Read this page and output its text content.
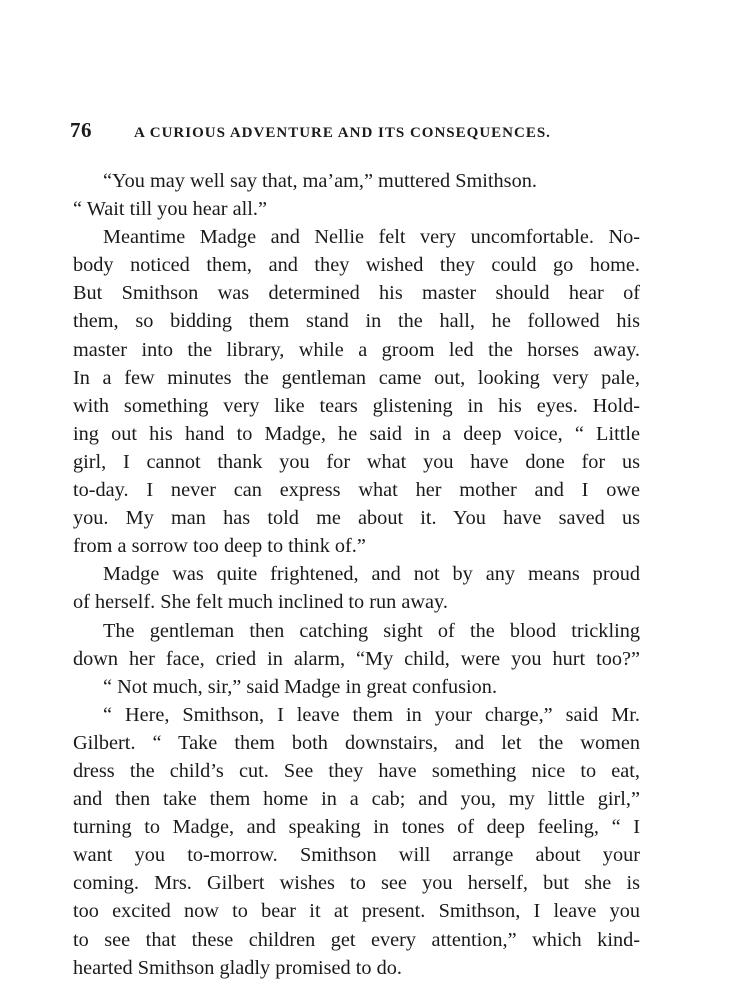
76	A CURIOUS ADVENTURE AND ITS CONSEQUENCES.
“You may well say that, ma’am,” muttered Smithson.
“ Wait till you hear all.”
Meantime Madge and Nellie felt very uncomfortable. No-
body noticed them, and they wished they could go home.
But Smithson was determined his master should hear of
them, so bidding them stand in the hall, he followed his
master into the library, while a groom led the horses away.
In a few minutes the gentleman came out, looking very pale,
with something very like tears glistening in his eyes. Hold-
ing out his hand to Madge, he said in a deep voice, “ Little
girl, I cannot thank you for what you have done for us
to-day. I never can express what her mother and I owe
you. My man has told me about it. You have saved us
from a sorrow too deep to think of.”
Madge was quite frightened, and not by any means proud
of herself. She felt much inclined to run away.
The gentleman then catching sight of the blood trickling
down her face, cried in alarm, “My child, were you hurt too?”
“ Not much, sir,” said Madge in great confusion.
“ Here, Smithson, I leave them in your charge,” said Mr.
Gilbert. “ Take them both downstairs, and let the women
dress the child’s cut. See they have something nice to eat,
and then take them home in a cab; and you, my little girl,”
turning to Madge, and speaking in tones of deep feeling, “ I
want you to-morrow. Smithson will arrange about your
coming. Mrs. Gilbert wishes to see you herself, but she is
too excited now to bear it at present. Smithson, I leave you
to see that these children get every attention,” which kind-
hearted Smithson gladly promised to do.
